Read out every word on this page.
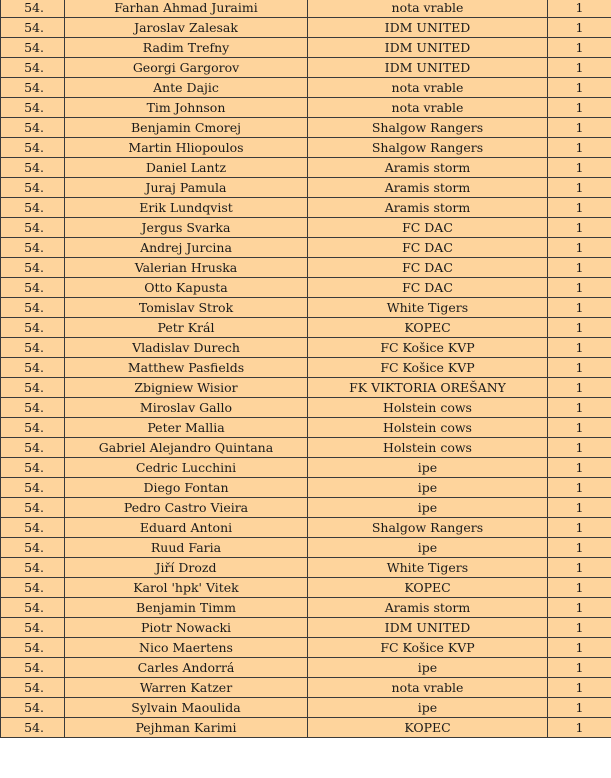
54.	Farhan Ahmad Juraimi	nota vrable	1
54.	Jaroslav Zalesak	IDM UNITED	1
54.	Radim Trefny	IDM UNITED	1
54.	Georgi Gargorov	IDM UNITED	1
54.	Ante Dajic	nota vrable	1
54.	Tim Johnson	nota vrable	1
54.	Benjamin Cmorej	Shalgow Rangers	1
54.	Martin Hliopoulos	Shalgow Rangers	1
54.	Daniel Lantz	Aramis storm	1
54.	Juraj Pamula	Aramis storm	1
54.	Erik Lundqvist	Aramis storm	1
54.	Jergus Svarka	FC DAC	1
54.	Andrej Jurcina	FC DAC	1
54.	Valerian Hruska	FC DAC	1
54.	Otto Kapusta	FC DAC	1
54.	Tomislav Strok	White Tigers	1
54.	Petr Král	KOPEC	1
54.	Vladislav Durech	FC Košice KVP	1
54.	Matthew Pasfields	FC Košice KVP	1
54.	Zbigniew Wisior	FK VIKTORIA OREŠANY	1
54.	Miroslav Gallo	Holstein cows	1
54.	Peter Mallia	Holstein cows	1
54.	Gabriel Alejandro Quintana	Holstein cows	1
54.	Cedric Lucchini	ipe	1
54.	Diego Fontan	ipe	1
54.	Pedro Castro Vieira	ipe	1
54.	Eduard Antoni	Shalgow Rangers	1
54.	Ruud Faria	ipe	1
54.	Jiří Drozd	White Tigers	1
54.	Karol 'hpk' Vitek	KOPEC	1
54.	Benjamin Timm	Aramis storm	1
54.	Piotr Nowacki	IDM UNITED	1
54.	Nico Maertens	FC Košice KVP	1
54.	Carles Andorrá	ipe	1
54.	Warren Katzer	nota vrable	1
54.	Sylvain Maoulida	ipe	1
54.	Pejhman Karimi	KOPEC	1
